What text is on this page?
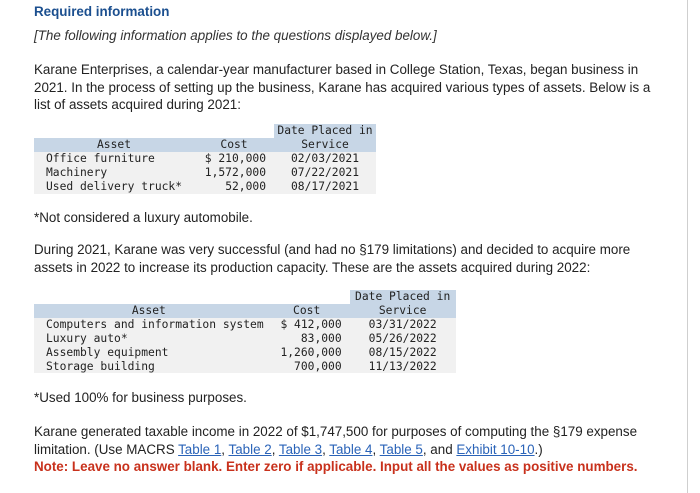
Required information
[The following information applies to the questions displayed below.]

Karane Enterprises, a calendar-year manufacturer based in College Station, Texas, began business in 2021. In the process of setting up the business, Karane has acquired various types of assets. Below is a list of assets acquired during 2021:

		Date Placed in
Asset	Cost	Service
Office furniture	$ 210,000	02/03/2021
Machinery	1,572,000	07/22/2021
Used delivery truck*	52,000	08/17/2021
*Not considered a luxury automobile.

During 2021, Karane was very successful (and had no §179 limitations) and decided to acquire more assets in 2022 to increase its production capacity. These are the assets acquired during 2022:

		Date Placed in
Asset	Cost	Service
Computers and information system	$ 412,000	03/31/2022
Luxury auto*	83,000	05/26/2022
Assembly equipment	1,260,000	08/15/2022
Storage building	700,000	11/13/2022
*Used 100% for business purposes.

Karane generated taxable income in 2022 of $1,747,500 for purposes of computing the §179 expense limitation. (Use MACRS Table 1, Table 2, Table 3, Table 4, Table 5, and Exhibit 10-10.)
Note: Leave no answer blank. Enter zero if applicable. Input all the values as positive numbers.
